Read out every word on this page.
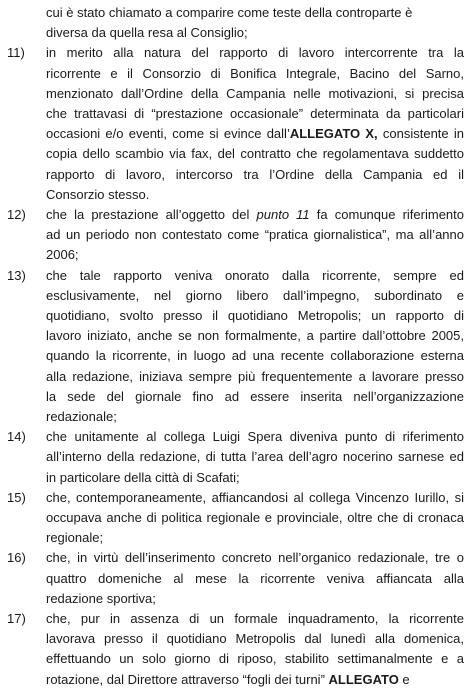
cui è stato chiamato a comparire come teste della controparte è
diversa da quella resa al Consiglio;
11) in merito alla natura del rapporto di lavoro intercorrente tra la
ricorrente e il Consorzio di Bonifica Integrale, Bacino del Sarno,
menzionato dall’Ordine della Campania nelle motivazioni, si precisa
che trattavasi di “prestazione occasionale” determinata da particolari
occasioni e/o eventi, come si evince dall’ALLEGATO X, consistente in
copia dello scambio via fax, del contratto che regolamentava suddetto
rapporto di lavoro, intercorso tra l’Ordine della Campania ed il
Consorzio stesso.
12) che la prestazione all’oggetto del punto 11 fa comunque riferimento
ad un periodo non contestato come “pratica giornalistica”, ma all’anno
2006;
13) che tale rapporto veniva onorato dalla ricorrente, sempre ed
esclusivamente, nel giorno libero dall’impegno, subordinato e
quotidiano, svolto presso il quotidiano Metropolis; un rapporto di
lavoro iniziato, anche se non formalmente, a partire dall’ottobre 2005,
quando la ricorrente, in luogo ad una recente collaborazione esterna
alla redazione, iniziava sempre più frequentemente a lavorare presso
la sede del giornale fino ad essere inserita nell’organizzazione
redazionale;
14) che unitamente al collega Luigi Spera diveniva punto di riferimento
all’interno della redazione, di tutta l’area dell’agro nocerino sarnese ed
in particolare della città di Scafati;
15) che, contemporaneamente, affiancandosi al collega Vincenzo Iurillo, si
occupava anche di politica regionale e provinciale, oltre che di cronaca
regionale;
16) che, in virtù dell’inserimento concreto nell’organico redazionale, tre o
quattro domeniche al mese la ricorrente veniva affiancata alla
redazione sportiva;
17) che, pur in assenza di un formale inquadramento, la ricorrente
lavorava presso il quotidiano Metropolis dal lunedì alla domenica,
effettuando un solo giorno di riposo, stabilito settimanalmente e a
rotazione, dal Direttore attraverso “fogli dei turni” ALLEGATO e
